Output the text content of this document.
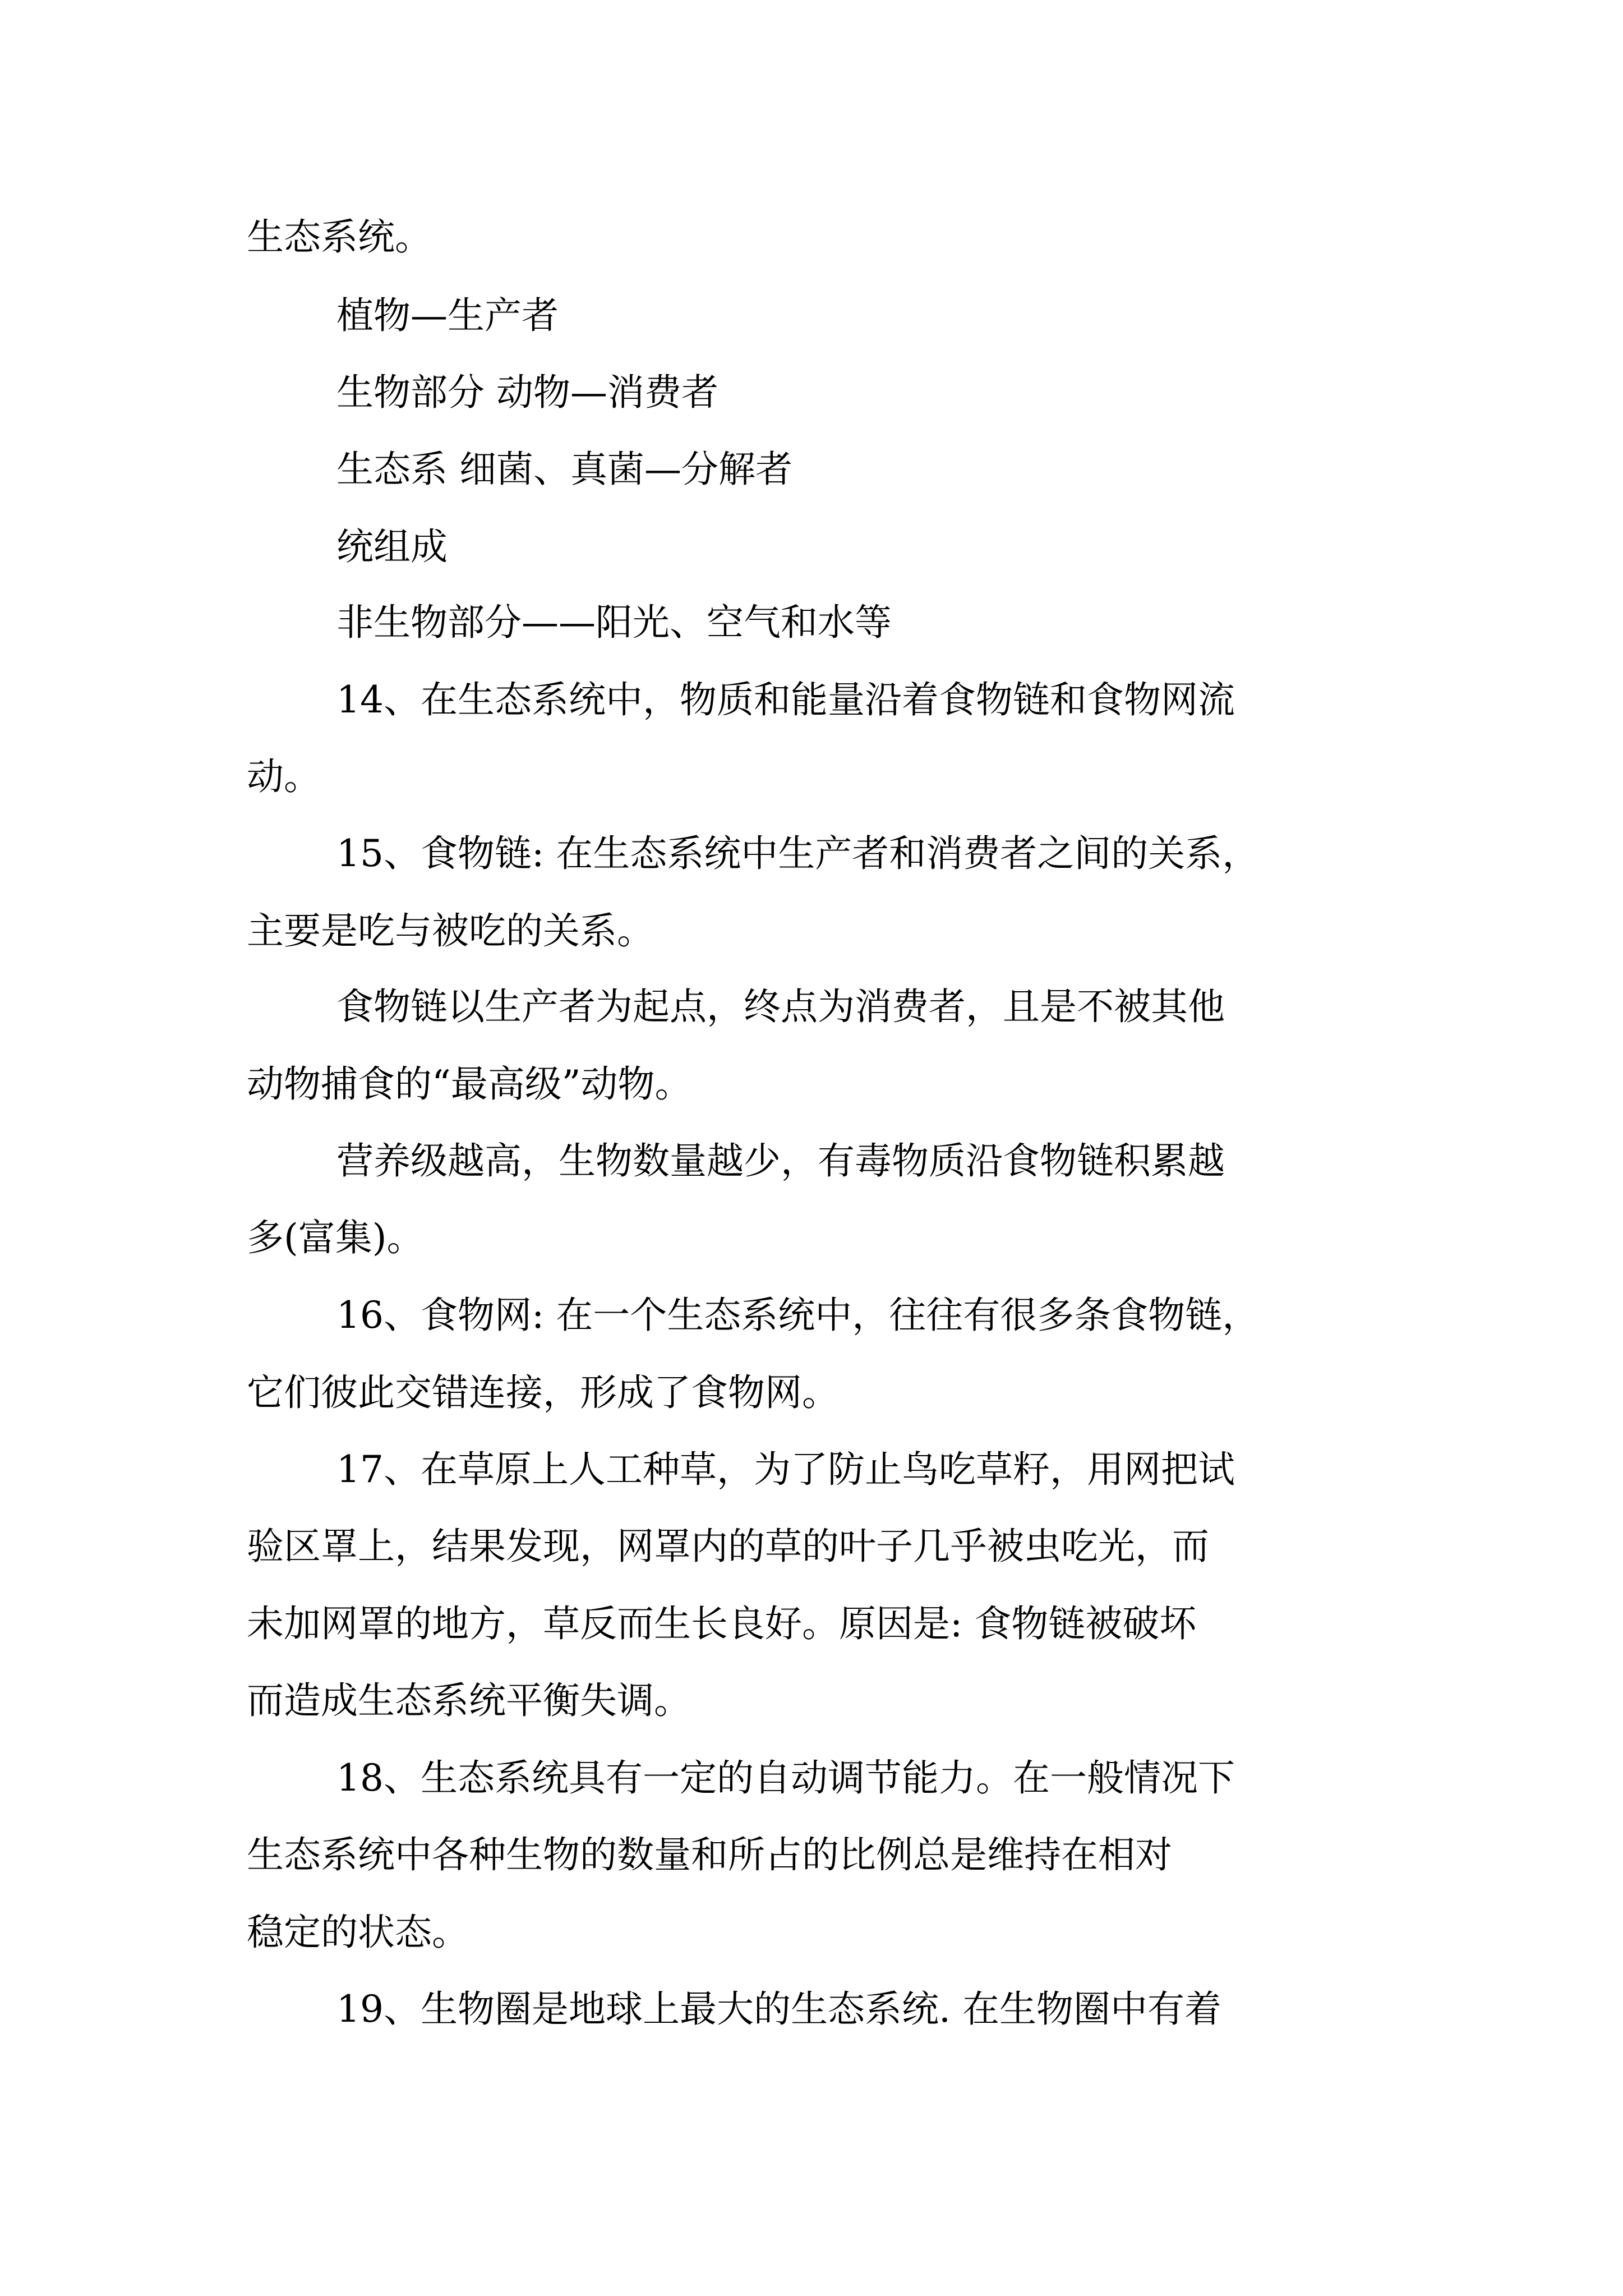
生态系统。
植物—生产者
生物部分 动物—消费者
生态系 细菌、真菌—分解者
统组成
非生物部分——阳光、空气和水等
14、在生态系统中，物质和能量沿着食物链和食物网流
动。
15、食物链: 在生态系统中生产者和消费者之间的关系，
主要是吃与被吃的关系。
食物链以生产者为起点，终点为消费者，且是不被其他
动物捕食的“最高级”动物。
营养级越高，生物数量越少，有毒物质沿食物链积累越
多(富集)。
16、食物网: 在一个生态系统中，往往有很多条食物链，
它们彼此交错连接，形成了食物网。
17、在草原上人工种草，为了防止鸟吃草籽，用网把试
验区罩上，结果发现，网罩内的草的叶子几乎被虫吃光，而
未加网罩的地方，草反而生长良好。原因是: 食物链被破坏
而造成生态系统平衡失调。
18、生态系统具有一定的自动调节能力。在一般情况下
生态系统中各种生物的数量和所占的比例总是维持在相对
稳定的状态。
19、生物圈是地球上最大的生态系统. 在生物圈中有着
